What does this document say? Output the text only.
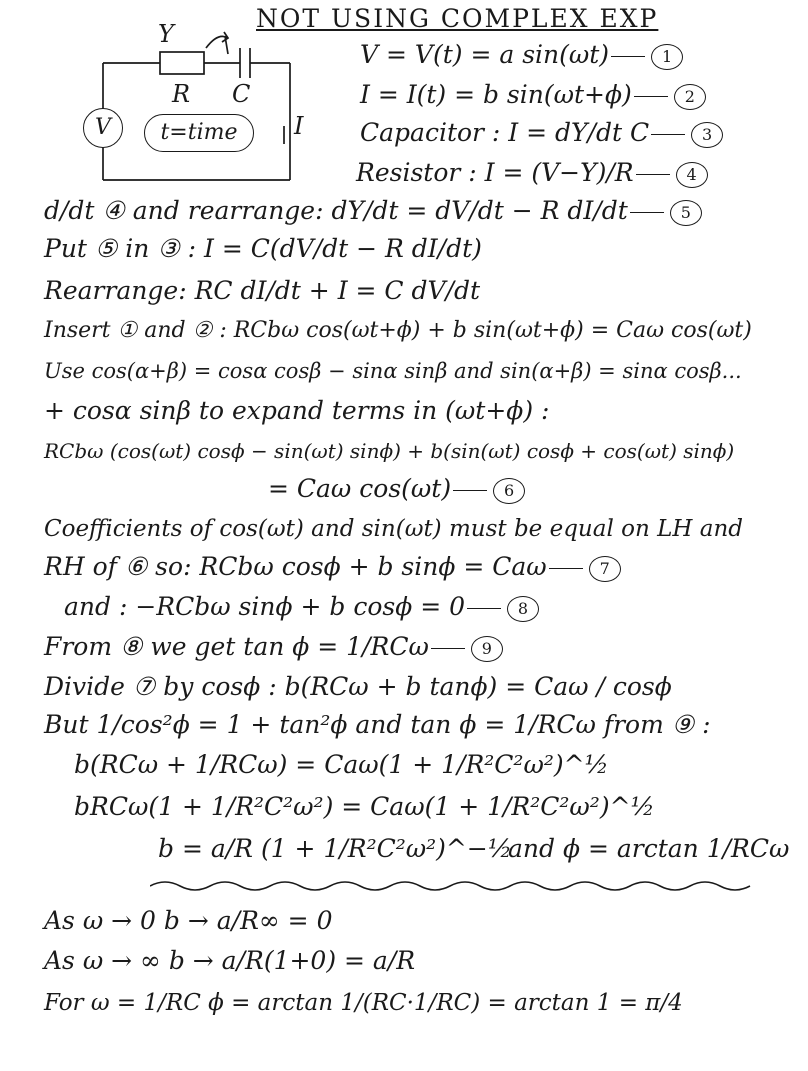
NOT USING COMPLEX EXP
Y
R C
V	t=time	I
V = V(t) = a sin(ωt)	1
I = I(t) = b sin(ωt+ϕ)	2
Capacitor : I = dY/dt C	3
Resistor : I = (V−Y)/R	4
d/dt ④ and rearrange: dY/dt = dV/dt − R dI/dt	5
Put ⑤ in ③ : I = C(dV/dt − R dI/dt)
Rearrange: RC dI/dt + I = C dV/dt
Insert ① and ② : RCbω cos(ωt+ϕ) + b sin(ωt+ϕ) = Caω cos(ωt)
Use cos(α+β) = cosα cosβ − sinα sinβ and sin(α+β) = sinα cosβ...
+ cosα sinβ to expand terms in (ωt+ϕ) :
RCbω (cos(ωt) cosϕ − sin(ωt) sinϕ) + b(sin(ωt) cosϕ + cos(ωt) sinϕ)
= Caω cos(ωt)	6
Coefficients of cos(ωt) and sin(ωt) must be equal on LH and
RH of ⑥ so: RCbω cosϕ + b sinϕ = Caω	7
and : −RCbω sinϕ + b cosϕ = 0	8
From ⑧ we get tan ϕ = 1/RCω	9
Divide ⑦ by cosϕ : b(RCω + b tanϕ) = Caω / cosϕ
But 1/cos²ϕ = 1 + tan²ϕ and tan ϕ = 1/RCω from ⑨ :
b(RCω + 1/RCω) = Caω(1 + 1/R²C²ω²)^½
bRCω(1 + 1/R²C²ω²) = Caω(1 + 1/R²C²ω²)^½
b = a/R (1 + 1/R²C²ω²)^−½
and ϕ = arctan 1/RCω
As ω → 0 b → a/R∞ = 0
As ω → ∞ b → a/R(1+0) = a/R
For ω = 1/RC ϕ = arctan 1/(RC·1/RC) = arctan 1 = π/4
